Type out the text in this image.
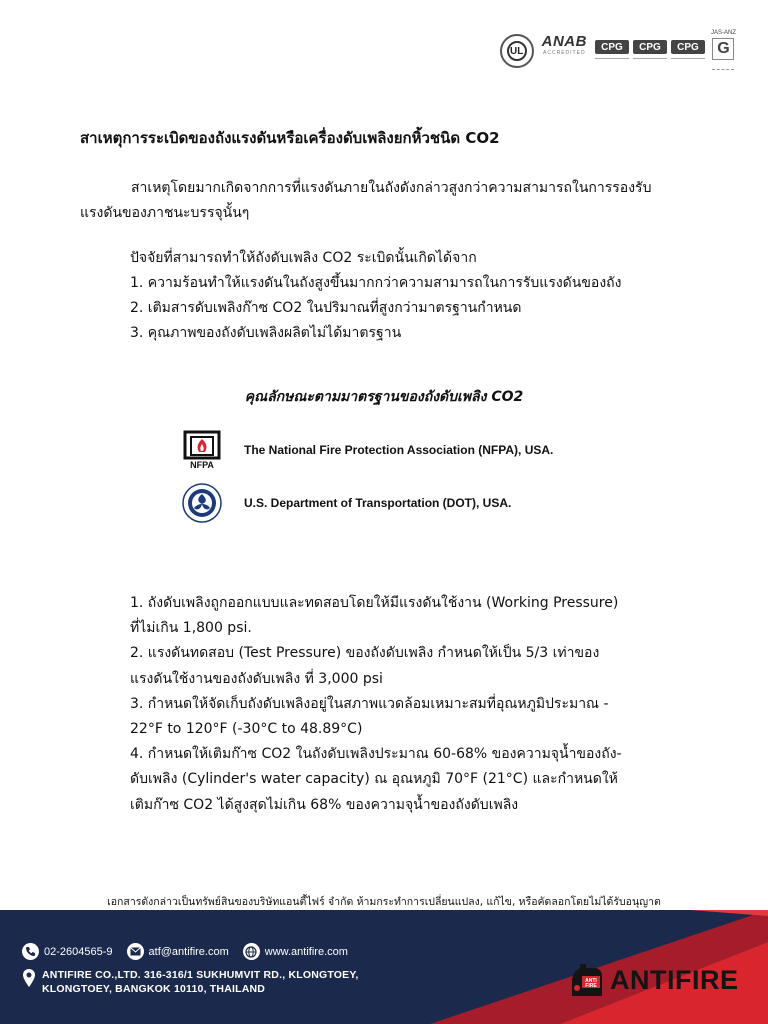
UL
ANAB
ACCREDITED
CPG	CPG	CPG
JAS-ANZ
G
สาเหตุการระเบิดของถังแรงดันหรือเครื่องดับเพลิงยกหิ้วชนิด CO2
สาเหตุโดยมากเกิดจากการที่แรงดันภายในถังดังกล่าวสูงกว่าความสามารถในการรองรับ
แรงดันของภาชนะบรรจุนั้นๆ
ปัจจัยที่สามารถทำให้ถังดับเพลิง CO2 ระเบิดนั้นเกิดได้จาก
1. ความร้อนทำให้แรงดันในถังสูงขึ้นมากกว่าความสามารถในการรับแรงดันของถัง
2. เติมสารดับเพลิงก๊าซ CO2 ในปริมาณที่สูงกว่ามาตรฐานกำหนด
3. คุณภาพของถังดับเพลิงผลิตไม่ได้มาตรฐาน
คุณลักษณะตามมาตรฐานของถังดับเพลิง CO2
NFPA
The National Fire Protection Association (NFPA), USA.
U.S. Department of Transportation (DOT), USA.
1. ถังดับเพลิงถูกออกแบบและทดสอบโดยให้มีแรงดันใช้งาน (Working Pressure)
ที่ไม่เกิน 1,800 psi.
2. แรงดันทดสอบ (Test Pressure) ของถังดับเพลิง กำหนดให้เป็น 5/3 เท่าของ
แรงดันใช้งานของถังดับเพลิง ที่ 3,000 psi
3. กำหนดให้จัดเก็บถังดับเพลิงอยู่ในสภาพแวดล้อมเหมาะสมที่อุณหภูมิประมาณ -
22°F to 120°F (-30°C to 48.89°C)
4. กำหนดให้เติมก๊าซ CO2 ในถังดับเพลิงประมาณ 60-68% ของความจุน้ำของถัง-
ดับเพลิง (Cylinder's water capacity) ณ อุณหภูมิ 70°F (21°C) และกำหนดให้
เติมก๊าซ CO2 ได้สูงสุดไม่เกิน 68% ของความจุน้ำของถังดับเพลิง
เอกสารดังกล่าวเป็นทรัพย์สินของบริษัทแอนตี้ไฟร์ จำกัด ห้ามกระทำการเปลี่ยนแปลง, แก้ไข, หรือคัดลอกโดยไม่ได้รับอนุญาต
02-2604565-9	atf@antifire.com	www.antifire.com
ANTIFIRE CO.,LTD. 316-316/1 SUKHUMVIT RD., KLONGTOEY,
KLONGTOEY, BANGKOK 10110, THAILAND
ANTI
FIRE ANTIFIRE
